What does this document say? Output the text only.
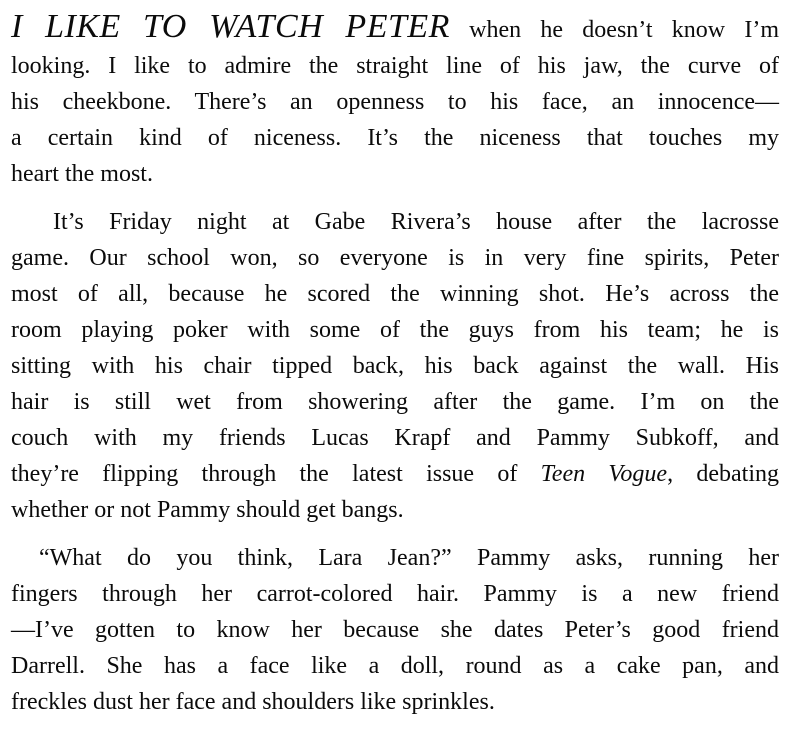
I LIKE TO WATCH PETER when he doesn’t know I’m
looking. I like to admire the straight line of his jaw, the curve of
his cheekbone. There’s an openness to his face, an innocence—
a certain kind of niceness. It’s the niceness that touches my
heart the most.
It’s Friday night at Gabe Rivera’s house after the lacrosse
game. Our school won, so everyone is in very fine spirits, Peter
most of all, because he scored the winning shot. He’s across the
room playing poker with some of the guys from his team; he is
sitting with his chair tipped back, his back against the wall. His
hair is still wet from showering after the game. I’m on the
couch with my friends Lucas Krapf and Pammy Subkoff, and
they’re flipping through the latest issue of Teen Vogue, debating
whether or not Pammy should get bangs.
“What do you think, Lara Jean?” Pammy asks, running her
fingers through her carrot-colored hair. Pammy is a new friend
—I’ve gotten to know her because she dates Peter’s good friend
Darrell. She has a face like a doll, round as a cake pan, and
freckles dust her face and shoulders like sprinkles.
